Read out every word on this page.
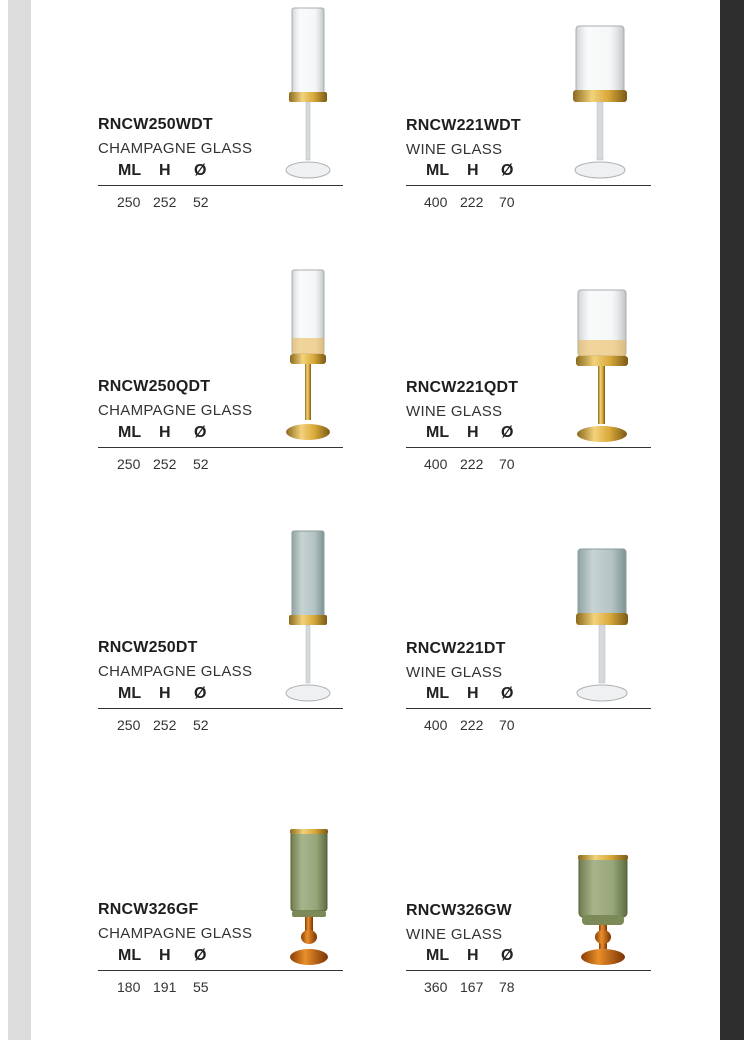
RNCW250WDT
CHAMPAGNE GLASS
ML H Ø
250 252 52
RNCW221WDT
WINE GLASS
ML H Ø
400 222 70
RNCW250QDT
CHAMPAGNE GLASS
ML H Ø
250 252 52
RNCW221QDT
WINE GLASS
ML H Ø
400 222 70
RNCW250DT
CHAMPAGNE GLASS
ML H Ø
250 252 52
RNCW221DT
WINE GLASS
ML H Ø
400 222 70
RNCW326GF
CHAMPAGNE GLASS
ML H Ø
180 191 55
RNCW326GW
WINE GLASS
ML H Ø
360 167 78
